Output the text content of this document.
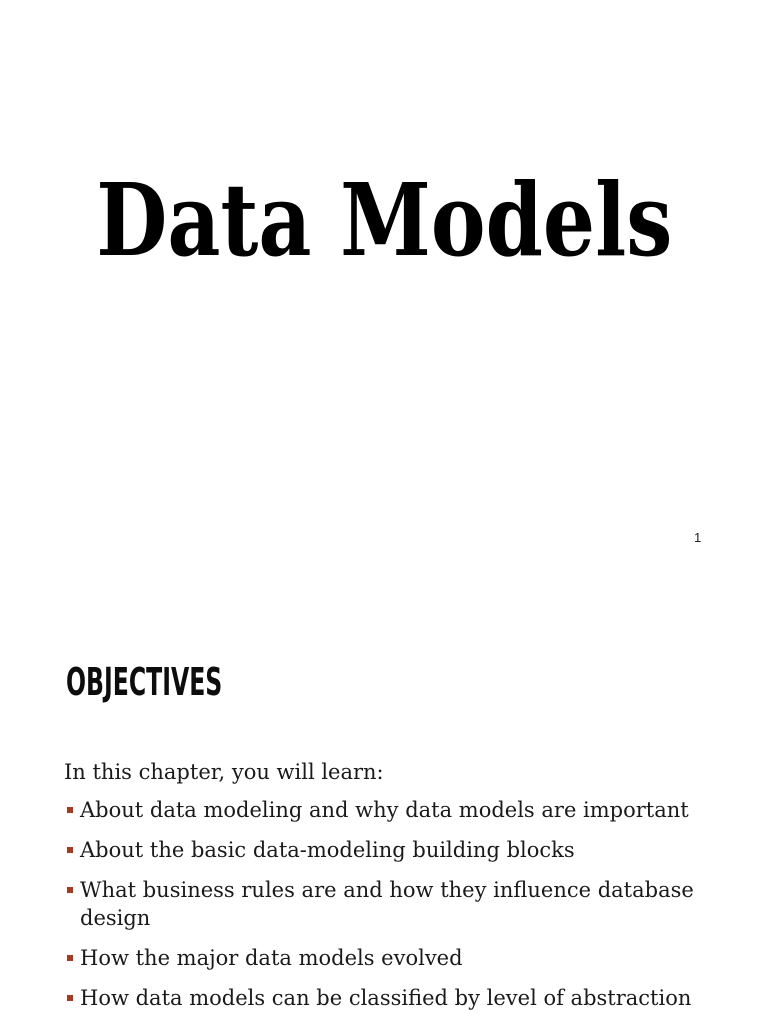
Data Models
1
OBJECTIVES
In this chapter, you will learn:
About data modeling and why data models are important
About the basic data-modeling building blocks
What business rules are and how they influence database design
How the major data models evolved
How data models can be classified by level of abstraction
